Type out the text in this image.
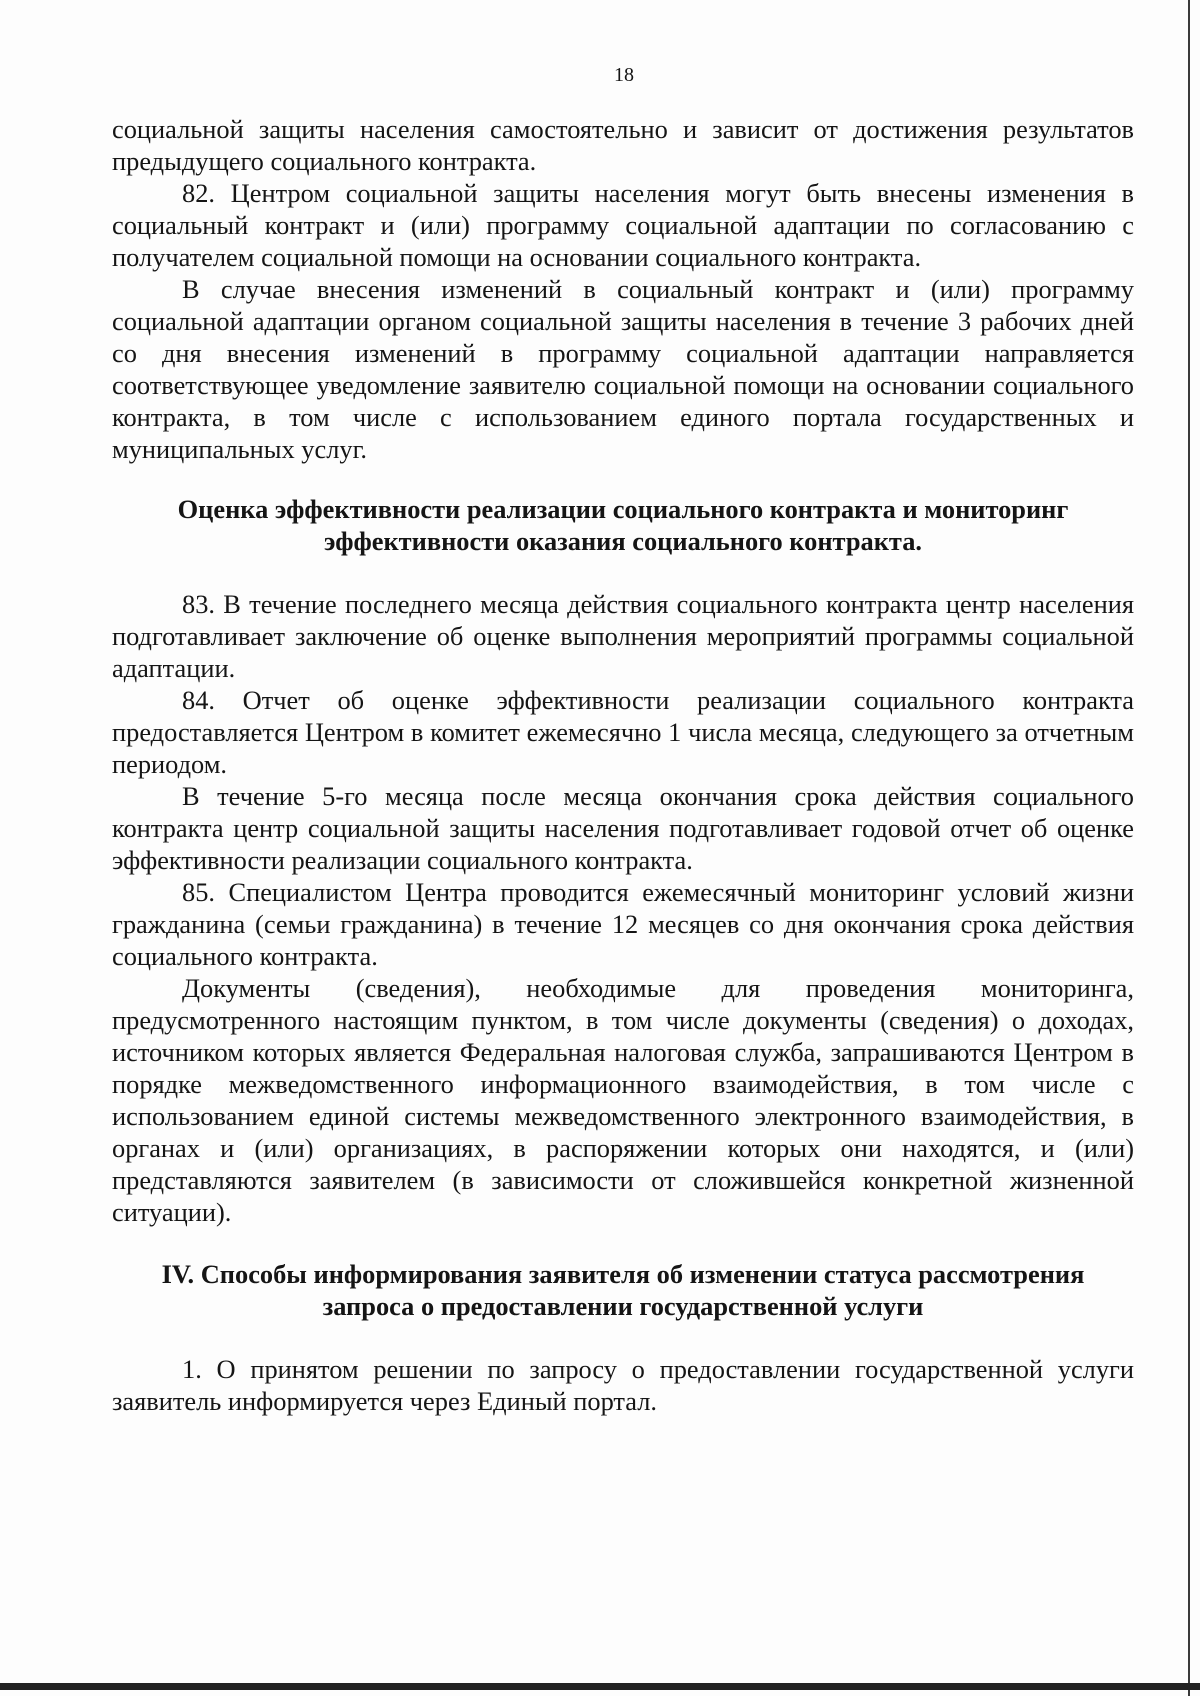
18

социальной защиты населения самостоятельно и зависит от достижения результатов предыдущего социального контракта.

82. Центром социальной защиты населения могут быть внесены изменения в социальный контракт и (или) программу социальной адаптации по согласованию с получателем социальной помощи на основании социального контракта.

В случае внесения изменений в социальный контракт и (или) программу социальной адаптации органом социальной защиты населения в течение 3 рабочих дней со дня внесения изменений в программу социальной адаптации направляется соответствующее уведомление заявителю социальной помощи на основании социального контракта, в том числе с использованием единого портала государственных и муниципальных услуг.

Оценка эффективности реализации социального контракта и мониторинг
эффективности оказания социального контракта.

83. В течение последнего месяца действия социального контракта центр населения подготавливает заключение об оценке выполнения мероприятий программы социальной адаптации.

84. Отчет об оценке эффективности реализации социального контракта предоставляется Центром в комитет ежемесячно 1 числа месяца, следующего за отчетным периодом.

В течение 5-го месяца после месяца окончания срока действия социального контракта центр социальной защиты населения подготавливает годовой отчет об оценке эффективности реализации социального контракта.

85. Специалистом Центра проводится ежемесячный мониторинг условий жизни гражданина (семьи гражданина) в течение 12 месяцев со дня окончания срока действия социального контракта.

Документы (сведения), необходимые для проведения мониторинга, предусмотренного настоящим пунктом, в том числе документы (сведения) о доходах, источником которых является Федеральная налоговая служба, запрашиваются Центром в порядке межведомственного информационного взаимодействия, в том числе с использованием единой системы межведомственного электронного взаимодействия, в органах и (или) организациях, в распоряжении которых они находятся, и (или) представляются заявителем (в зависимости от сложившейся конкретной жизненной ситуации).

IV. Способы информирования заявителя об изменении статуса рассмотрения
запроса о предоставлении государственной услуги

1. О принятом решении по запросу о предоставлении государственной услуги заявитель информируется через Единый портал.
